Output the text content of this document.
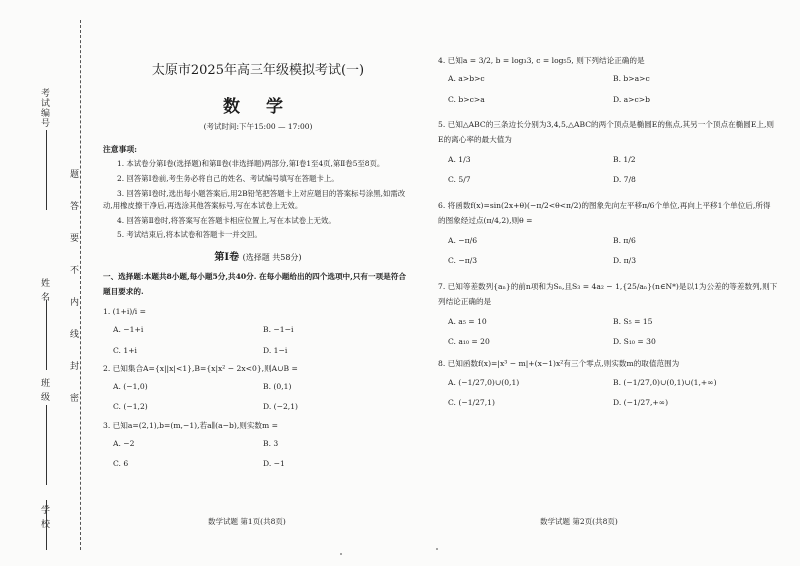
考试编号
姓 名
班 级
学 校
题
答
要
不
内
线
封
密
太原市2025年高三年级模拟考试(一)
数 学
(考试时间:下午15:00 — 17:00)
注意事项:

1. 本试卷分第Ⅰ卷(选择题)和第Ⅱ卷(非选择题)两部分,第Ⅰ卷1至4页,第Ⅱ卷5至8页。

2. 回答第Ⅰ卷前,考生务必将自己的姓名、考试编号填写在答题卡上。

3. 回答第Ⅰ卷时,选出每小题答案后,用2B铅笔把答题卡上对应题目的答案标号涂黑,如需改动,用橡皮擦干净后,再选涂其他答案标号,写在本试卷上无效。

4. 回答第Ⅱ卷时,将答案写在答题卡相应位置上,写在本试卷上无效。

5. 考试结束后,将本试卷和答题卡一并交回。

第Ⅰ卷 (选择题 共58分)
一、选择题:本题共8小题,每小题5分,共40分. 在每小题给出的四个选项中,只有一项是符合题目要求的.
1. (1+i)/i =
A. −1+i	B. −1−i
C. 1+i	D. 1−i
2. 已知集合A={x||x|<1},B={x|x² − 2x<0},则A∪B =
A. (−1,0)	B. (0,1)
C. (−1,2)	D. (−2,1)
3. 已知a=(2,1),b=(m,−1),若a∥(a−b),则实数m =
A. −2	B. 3
C. 6	D. −1
数学试题 第1页(共8页)
4. 已知a = 3/2, b = log₃3, c = log₅5, 则下列结论正确的是
A. a>b>c	B. b>a>c
C. b>c>a	D. a>c>b
5. 已知△ABC的三条边长分别为3,4,5,△ABC的两个顶点是椭圆E的焦点,其另一个顶点在椭圆E上,则E的离心率的最大值为
A. 1/3	B. 1/2
C. 5/7	D. 7/8
6. 将函数f(x)=sin(2x+θ)(−π/2<θ<π/2)的图象先向左平移π/6个单位,再向上平移1个单位后,所得的图象经过点(π/4,2),则θ =
A. −π/6	B. π/6
C. −π/3	D. π/3
7. 已知等差数列{aₙ}的前n项和为Sₙ,且S₃ = 4a₂ − 1,{25/aₙ}(n∈N*)是以1为公差的等差数列,则下列结论正确的是
A. a₅ = 10	B. S₅ = 15
C. a₁₀ = 20	D. S₁₀ = 30
8. 已知函数f(x)=|x³ − m|+(x−1)x²有三个零点,则实数m的取值范围为
A. (−1/27,0)∪(0,1)	B. (−1/27,0)∪(0,1)∪(1,+∞)
C. (−1/27,1)	D. (−1/27,+∞)
数学试题 第2页(共8页)
